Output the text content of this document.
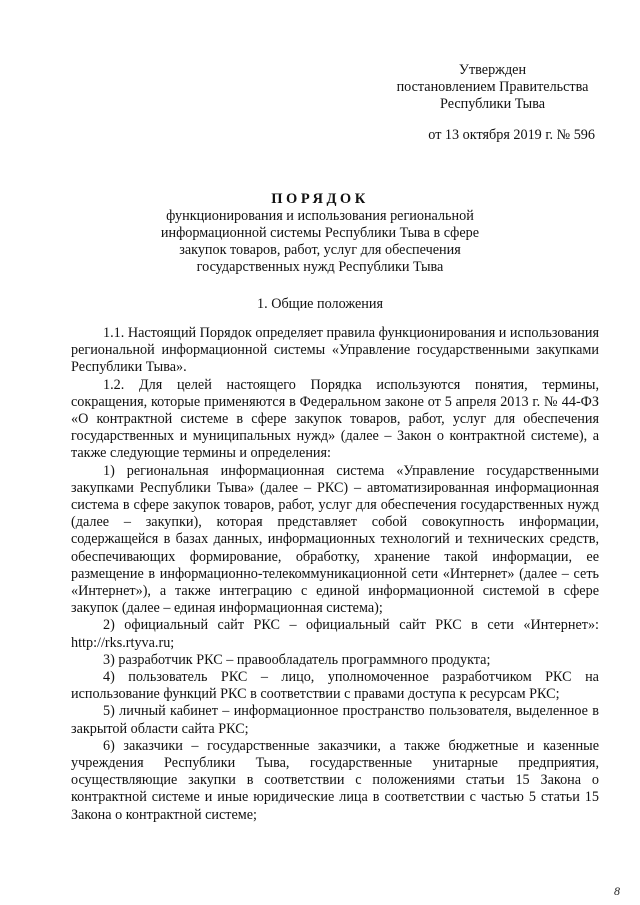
Утвержден
постановлением Правительства
Республики Тыва
от 13 октября 2019 г. № 596
ПОРЯДОК
функционирования и использования региональной
информационной системы Республики Тыва в сфере
закупок товаров, работ, услуг для обеспечения
государственных нужд Республики Тыва
1. Общие положения

1.1. Настоящий Порядок определяет правила функционирования и использования региональной информационной системы «Управление государственными закупками Республики Тыва».

1.2. Для целей настоящего Порядка используются понятия, термины, сокращения, которые применяются в Федеральном законе от 5 апреля 2013 г. № 44-ФЗ «О контрактной системе в сфере закупок товаров, работ, услуг для обеспечения государственных и муниципальных нужд» (далее – Закон о контрактной системе), а также следующие термины и определения:

1) региональная информационная система «Управление государственными закупками Республики Тыва» (далее – РКС) – автоматизированная информационная система в сфере закупок товаров, работ, услуг для обеспечения государственных нужд (далее – закупки), которая представляет собой совокупность информации, содержащейся в базах данных, информационных технологий и технических средств, обеспечивающих формирование, обработку, хранение такой информации, ее размещение в информационно-телекоммуникационной сети «Интернет» (далее – сеть «Интернет»), а также интеграцию с единой информационной системой в сфере закупок (далее – единая информационная система);

2) официальный сайт РКС – официальный сайт РКС в сети «Интернет»: http://rks.rtyva.ru;

3) разработчик РКС – правообладатель программного продукта;

4) пользователь РКС – лицо, уполномоченное разработчиком РКС на использование функций РКС в соответствии с правами доступа к ресурсам РКС;

5) личный кабинет – информационное пространство пользователя, выделенное в закрытой области сайта РКС;

6) заказчики – государственные заказчики, а также бюджетные и казенные учреждения Республики Тыва, государственные унитарные предприятия, осуществляющие закупки в соответствии с положениями статьи 15 Закона о контрактной системе и иные юридические лица в соответствии с частью 5 статьи 15 Закона о контрактной системе;

8
